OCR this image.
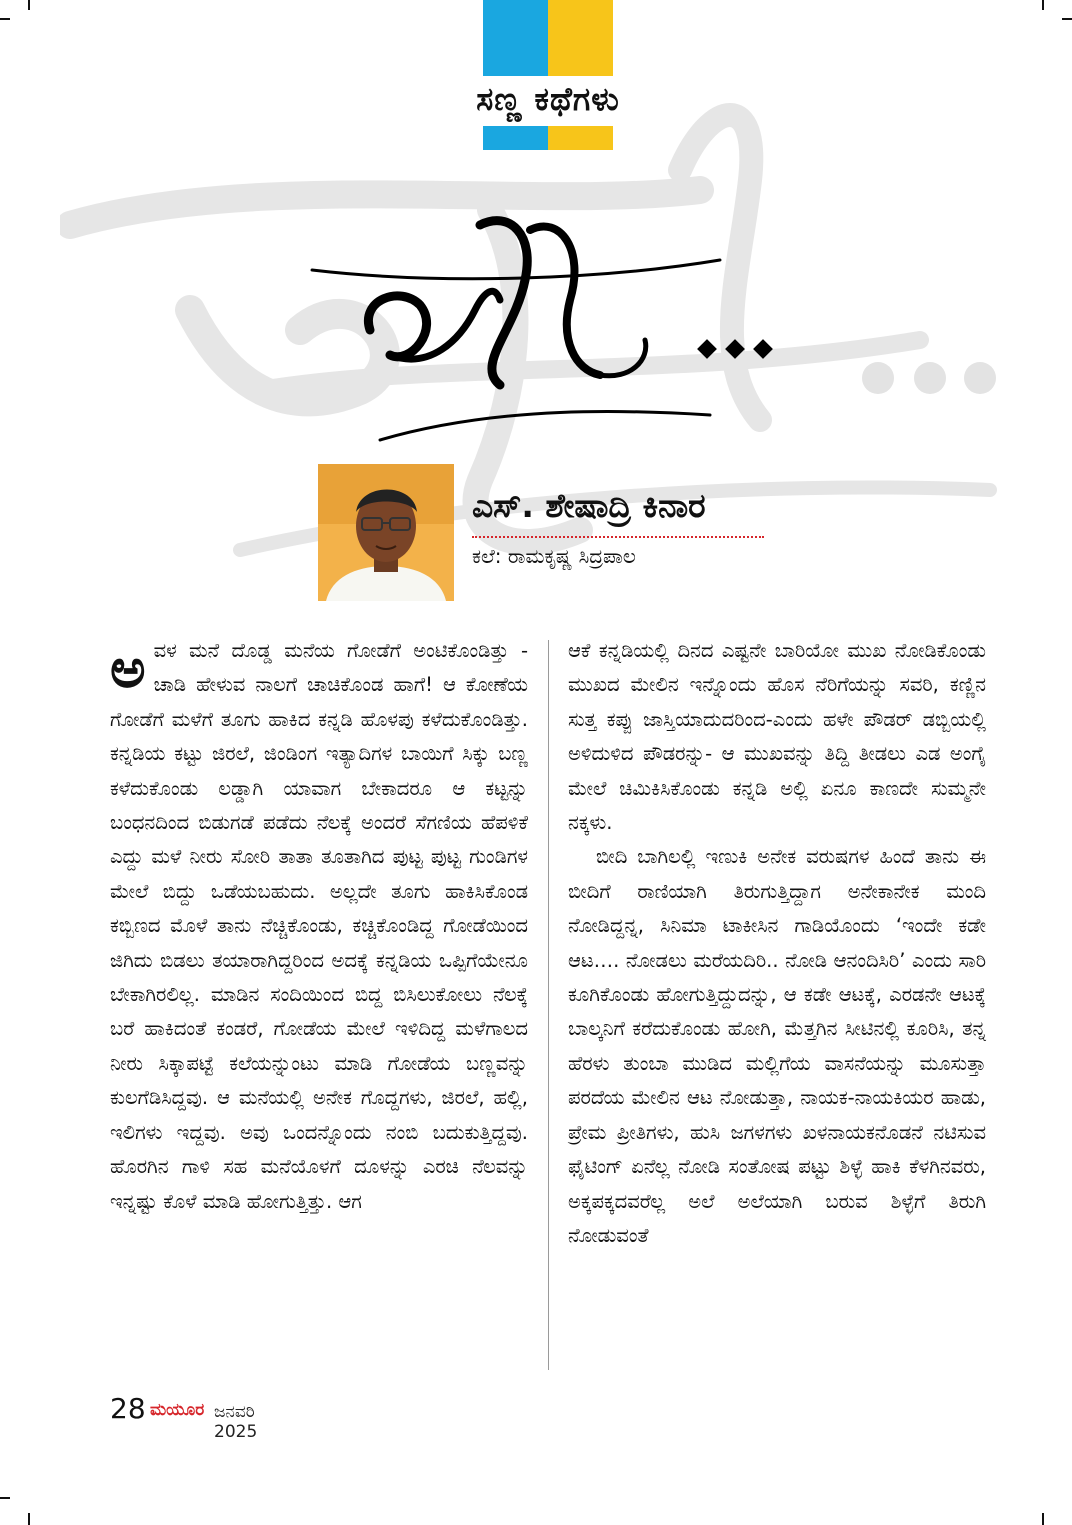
ಸಣ್ಣ ಕಥೆಗಳು
ಎಸ್. ಶೇಷಾದ್ರಿ ಕಿನಾರ
ಕಲೆ: ರಾಮಕೃಷ್ಣ ಸಿದ್ರಪಾಲ

ಅವಳ ಮನೆ ದೊಡ್ಡ ಮನೆಯ ಗೋಡೆಗೆ ಅಂಟಿಕೊಂಡಿತ್ತು - ಚಾಡಿ ಹೇಳುವ ನಾಲಗೆ ಚಾಚಿಕೊಂಡ ಹಾಗೆ! ಆ ಕೋಣೆಯ ಗೋಡೆಗೆ ಮಳೆಗೆ ತೂಗು ಹಾಕಿದ ಕನ್ನಡಿ ಹೊಳಪು ಕಳೆದುಕೊಂಡಿತ್ತು. ಕನ್ನಡಿಯ ಕಟ್ಟು ಜಿರಲೆ, ಜಿಂಡಿಂಗ ಇತ್ಯಾದಿಗಳ ಬಾಯಿಗೆ ಸಿಕ್ಕು ಬಣ್ಣ ಕಳೆದುಕೊಂಡು ಲಡ್ಡಾಗಿ ಯಾವಾಗ ಬೇಕಾದರೂ ಆ ಕಟ್ಟನ್ನು ಬಂಧನದಿಂದ ಬಿಡುಗಡೆ ಪಡೆದು ನೆಲಕ್ಕೆ ಅಂದರೆ ಸೆಗಣಿಯ ಹೆಪಳಿಕೆ ಎದ್ದು ಮಳೆ ನೀರು ಸೋರಿ ತಾತಾ ತೂತಾಗಿದ ಪುಟ್ಟ ಪುಟ್ಟ ಗುಂಡಿಗಳ ಮೇಲೆ ಬಿದ್ದು ಒಡೆಯಬಹುದು. ಅಲ್ಲದೇ ತೂಗು ಹಾಕಿಸಿಕೊಂಡ ಕಬ್ಬಿಣದ ಮೊಳೆ ತಾನು ನೆಚ್ಚಿಕೊಂಡು, ಕಚ್ಚಿಕೊಂಡಿದ್ದ ಗೋಡೆಯಿಂದ ಜಿಗಿದು ಬಿಡಲು ತಯಾರಾಗಿದ್ದರಿಂದ ಅದಕ್ಕೆ ಕನ್ನಡಿಯ ಒಪ್ಪಿಗೆಯೇನೂ ಬೇಕಾಗಿರಲಿಲ್ಲ. ಮಾಡಿನ ಸಂದಿಯಿಂದ ಬಿದ್ದ ಬಿಸಿಲುಕೋಲು ನೆಲಕ್ಕೆ ಬರೆ ಹಾಕಿದಂತೆ ಕಂಡರೆ, ಗೋಡೆಯ ಮೇಲೆ ಇಳಿದಿದ್ದ ಮಳೆಗಾಲದ ನೀರು ಸಿಕ್ಕಾಪಟ್ಟೆ ಕಲೆಯನ್ನುಂಟು ಮಾಡಿ ಗೋಡೆಯ ಬಣ್ಣವನ್ನು ಕುಲಗೆಡಿಸಿದ್ದವು. ಆ ಮನೆಯಲ್ಲಿ ಅನೇಕ ಗೊದ್ದಗಳು, ಜಿರಲೆ, ಹಲ್ಲಿ, ಇಲಿಗಳು ಇದ್ದವು. ಅವು ಒಂದನ್ನೊಂದು ನಂಬಿ ಬದುಕುತ್ತಿದ್ದವು. ಹೊರಗಿನ ಗಾಳಿ ಸಹ ಮನೆಯೊಳಗೆ ದೂಳನ್ನು ಎರಚಿ ನೆಲವನ್ನು ಇನ್ನಷ್ಟು ಕೊಳೆ ಮಾಡಿ ಹೋಗುತ್ತಿತ್ತು. ಆಗ

ಆಕೆ ಕನ್ನಡಿಯಲ್ಲಿ ದಿನದ ಎಷ್ಟನೇ ಬಾರಿಯೋ ಮುಖ ನೋಡಿಕೊಂಡು ಮುಖದ ಮೇಲಿನ ಇನ್ನೊಂದು ಹೊಸ ನೆರಿಗೆಯನ್ನು ಸವರಿ, ಕಣ್ಣಿನ ಸುತ್ತ ಕಪ್ಪು ಜಾಸ್ತಿಯಾದುದರಿಂದ-ಎಂದು ಹಳೇ ಪೌಡರ್ ಡಬ್ಬಿಯಲ್ಲಿ ಅಳಿದುಳಿದ ಪೌಡರನ್ನು- ಆ ಮುಖವನ್ನು ತಿದ್ದಿ ತೀಡಲು ಎಡ ಅಂಗೈ ಮೇಲೆ ಚಿಮಿಕಿಸಿಕೊಂಡು ಕನ್ನಡಿ ಅಲ್ಲಿ ಏನೂ ಕಾಣದೇ ಸುಮ್ಮನೇ ನಕ್ಕಳು.

ಬೀದಿ ಬಾಗಿಲಲ್ಲಿ ಇಣುಕಿ ಅನೇಕ ವರುಷಗಳ ಹಿಂದೆ ತಾನು ಈ ಬೀದಿಗೆ ರಾಣಿಯಾಗಿ ತಿರುಗುತ್ತಿದ್ದಾಗ ಅನೇಕಾನೇಕ ಮಂದಿ ನೋಡಿದ್ದನ್ನ, ಸಿನಿಮಾ ಟಾಕೀಸಿನ ಗಾಡಿಯೊಂದು ‘ಇಂದೇ ಕಡೇ ಆಟ…. ನೋಡಲು ಮರೆಯದಿರಿ.. ನೋಡಿ ಆನಂದಿಸಿರಿ’ ಎಂದು ಸಾರಿ ಕೂಗಿಕೊಂಡು ಹೋಗುತ್ತಿದ್ದುದನ್ನು, ಆ ಕಡೇ ಆಟಕ್ಕೆ, ಎರಡನೇ ಆಟಕ್ಕೆ ಬಾಲ್ಕನಿಗೆ ಕರೆದುಕೊಂಡು ಹೋಗಿ, ಮೆತ್ತಗಿನ ಸೀಟಿನಲ್ಲಿ ಕೂರಿಸಿ, ತನ್ನ ಹೆರಳು ತುಂಬಾ ಮುಡಿದ ಮಲ್ಲಿಗೆಯ ವಾಸನೆಯನ್ನು ಮೂಸುತ್ತಾ ಪರದೆಯ ಮೇಲಿನ ಆಟ ನೋಡುತ್ತಾ, ನಾಯಕ-ನಾಯಕಿಯರ ಹಾಡು, ಪ್ರೇಮ ಪ್ರೀತಿಗಳು, ಹುಸಿ ಜಗಳಗಳು ಖಳನಾಯಕನೊಡನೆ ನಟಿಸುವ ಫೈಟಿಂಗ್ ಏನೆಲ್ಲ ನೋಡಿ ಸಂತೋಷ ಪಟ್ಟು ಶಿಳ್ಳೆ ಹಾಕಿ ಕೆಳಗಿನವರು, ಅಕ್ಕಪಕ್ಕದವರೆಲ್ಲ ಅಲೆ ಅಲೆಯಾಗಿ ಬರುವ ಶಿಳ್ಳೆಗೆ ತಿರುಗಿ ನೋಡುವಂತೆ

28 ಮಯೂರ ಜನವರಿ 2025
